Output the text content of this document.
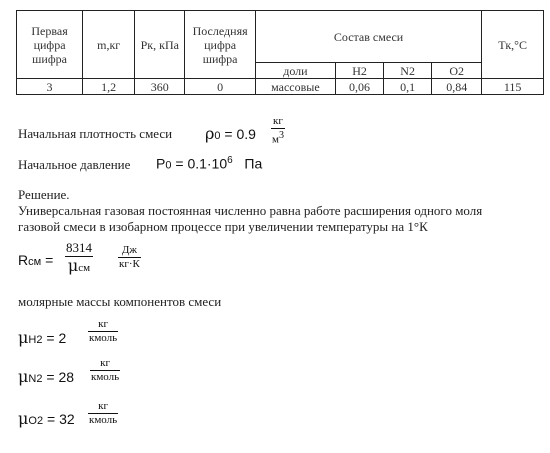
Первая
цифра
шифра	m,кг	Рк, кПа	Последняя
цифра
шифра	Состав смеси				Тк,°С
				доли	H2	N2	O2	
3	1,2	360	0	массовые	0,06	0,1	0,84	115
Начальная плотность смеси ρ0 = 0.9
кг
$м^3$
Начальное давление $P0 = 0.1\cdot 10^6$ Па
Решение.
Универсальная газовая постоянная численно равна работе расширения одного моля
газовой смеси в изобарном процессе при увеличении температуры на 1°К
Rсм =
8314
μсм
Дж
кг·К
молярные массы компонентов смеси
μH2 = 2
кг
кмоль
μN2 = 28
кг
кмоль
μO2 = 32
кг
кмоль
